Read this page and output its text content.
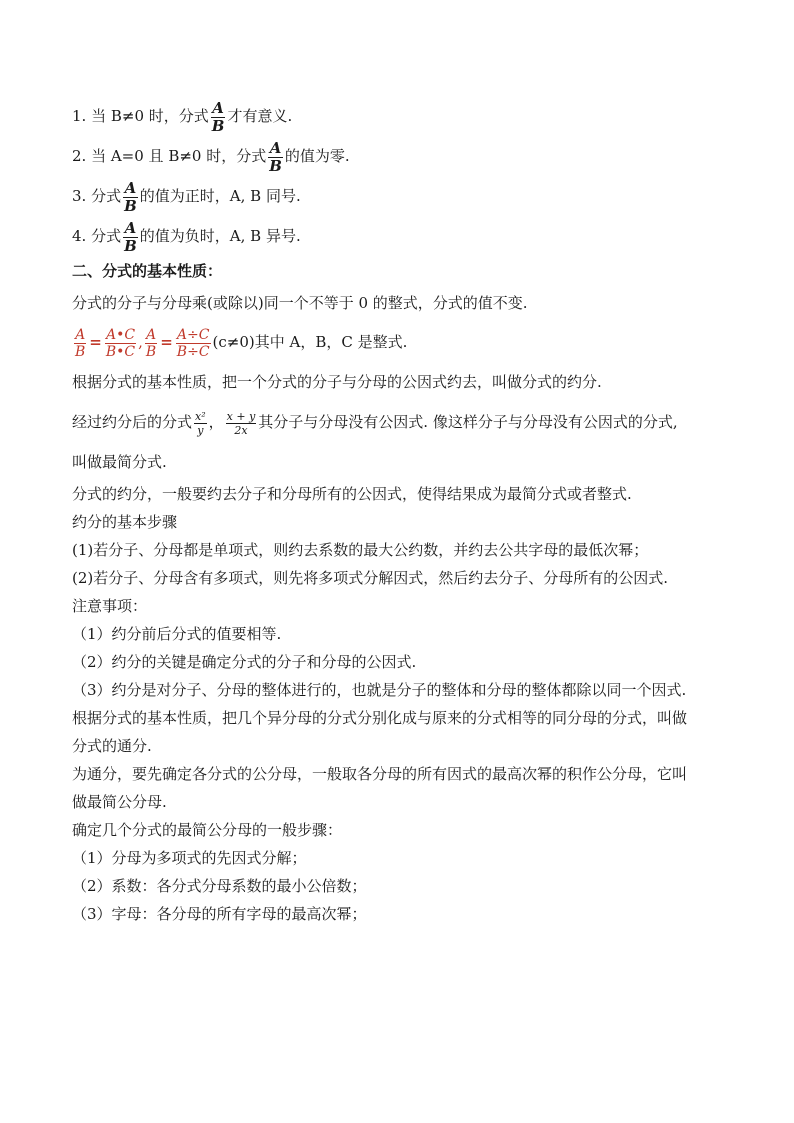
1. 当 B≠0 时，分式 $\frac{A}{B}$ 才有意义.
2. 当 A=0 且 B≠0 时，分式 $\frac{A}{B}$ 的值为零.
3. 分式 $\frac{A}{B}$ 的值为正时，A, B 同号.
4. 分式 $\frac{A}{B}$ 的值为负时，A, B 异号.
二、分式的基本性质：
分式的分子与分母乘(或除以)同一个不等于 0 的整式，分式的值不变.
$\frac{A}{B} = \frac{A•C}{B•C}$ , $\frac{A}{B} = \frac{A\div C}{B\div C} (c\ne 0)$其中 A，B，C 是整式.
根据分式的基本性质，把一个分式的分子与分母的公因式约去，叫做分式的约分.
经过约分后的分式 $\frac{\text{x²}}{y}$ ， $\frac{x + y}{2x}$ 其分子与分母没有公因式. 像这样分子与分母没有公因式的分式,
叫做最简分式.
分式的约分，一般要约去分子和分母所有的公因式，使得结果成为最简分式或者整式.
约分的基本步骤
(1)若分子、分母都是单项式，则约去系数的最大公约数，并约去公共字母的最低次幂；
(2)若分子、分母含有多项式，则先将多项式分解因式，然后约去分子、分母所有的公因式.
注意事项：
（1）约分前后分式的值要相等.
（2）约分的关键是确定分式的分子和分母的公因式.
（3）约分是对分子、分母的整体进行的，也就是分子的整体和分母的整体都除以同一个因式.
根据分式的基本性质，把几个异分母的分式分别化成与原来的分式相等的同分母的分式，叫做
分式的通分.
为通分，要先确定各分式的公分母，一般取各分母的所有因式的最高次幂的积作公分母，它叫
做最简公分母.
确定几个分式的最简公分母的一般步骤：
（1）分母为多项式的先因式分解；
（2）系数：各分式分母系数的最小公倍数；
（3）字母：各分母的所有字母的最高次幂；
